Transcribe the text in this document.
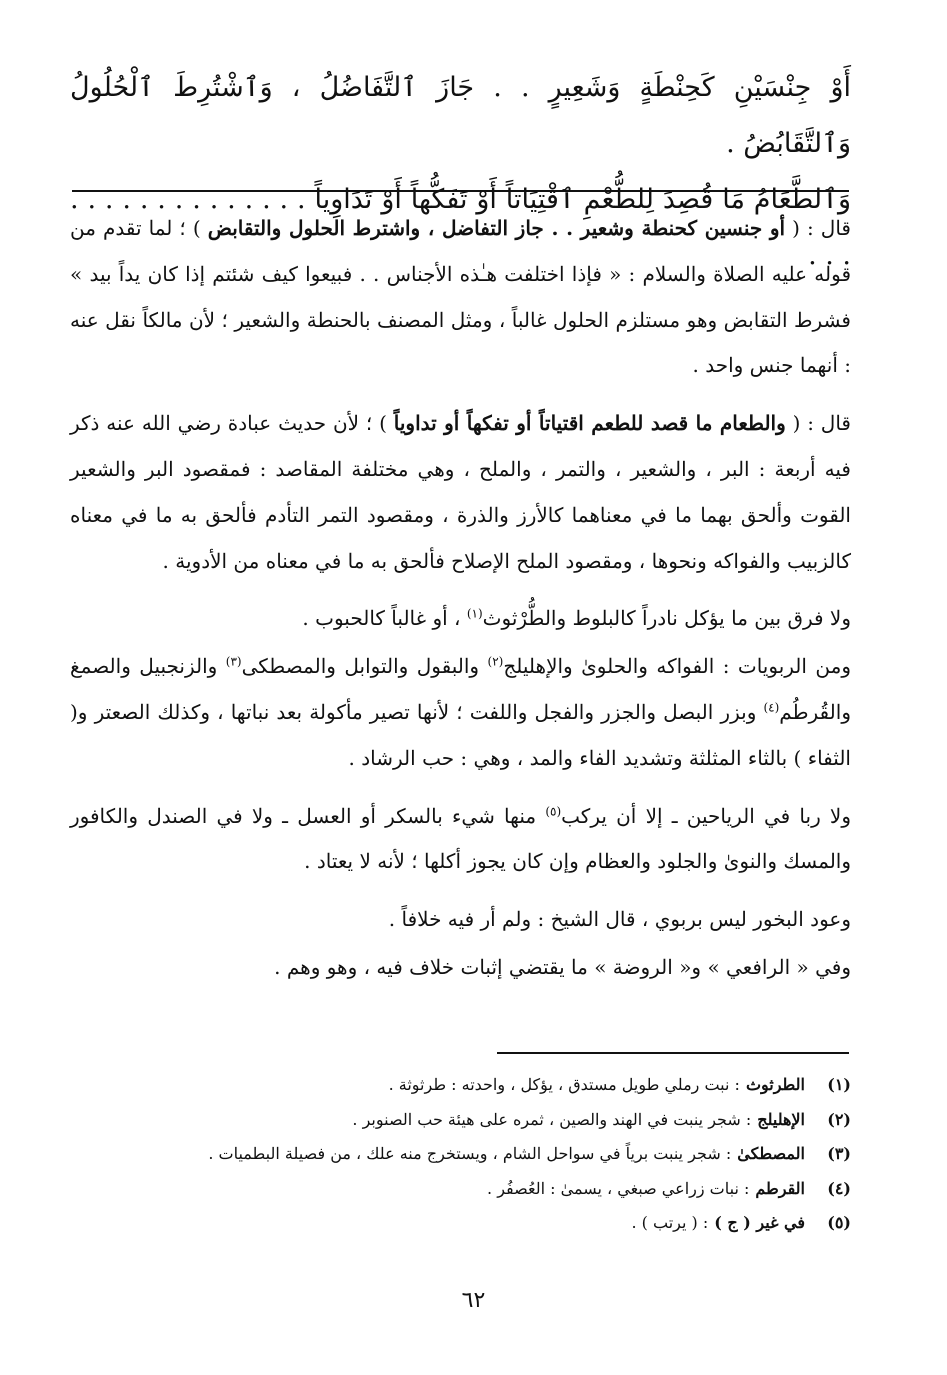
أَوْ جِنْسَيْنِ كَحِنْطَةٍ وَشَعِيرٍ . . جَازَ ٱلتَّفَاضُلُ ، وَٱشْتُرِطَ ٱلْحُلُولُ وَٱلتَّقَابُضُ .

وَٱلطَّعَامُ مَا قُصِدَ لِلطُّعْمِ ٱقْتِيَاتاً أَوْ تَفَكُّهاً أَوْ تَدَاوِياً . . . . . . . . . . . . . . . . .

قال : ( أو جنسين كحنطة وشعير . . جاز التفاضل ، واشترط الحلول والتقابض ) ؛ لما تقدم من قوله عليه الصلاة والسلام : « فإذا اختلفت هـٰذه الأجناس . . فبيعوا كيف شئتم إذا كان يداً بيد » فشرط التقابض وهو مستلزم الحلول غالباً ، ومثل المصنف بالحنطة والشعير ؛ لأن مالكاً نقل عنه : أنهما جنس واحد .

قال : ( والطعام ما قصد للطعم اقتياتاً أو تفكهاً أو تداوياً ) ؛ لأن حديث عبادة رضي الله عنه ذكر فيه أربعة : البر ، والشعير ، والتمر ، والملح ، وهي مختلفة المقاصد : فمقصود البر والشعير القوت وألحق بهما ما في معناهما كالأرز والذرة ، ومقصود التمر التأدم فألحق به ما في معناه كالزبيب والفواكه ونحوها ، ومقصود الملح الإصلاح فألحق به ما في معناه من الأدوية .

ولا فرق بين ما يؤكل نادراً كالبلوط والطُّرْثوث$^{(١)}$ ، أو غالباً كالحبوب .

ومن الربويات : الفواكه والحلوىٰ والإهليلج$^{(٢)}$ والبقول والتوابل والمصطكى$^{(٣)}$ والزنجبيل والصمغ والقُرطُم$^{(٤)}$ وبزر البصل والجزر والفجل واللفت ؛ لأنها تصير مأكولة بعد نباتها ، وكذلك الصعتر و( الثفاء ) بالثاء المثلثة وتشديد الفاء والمد ، وهي : حب الرشاد .

ولا ربا في الرياحين ـ إلا أن يركب$^{(٥)}$ منها شيء بالسكر أو العسل ـ ولا في الصندل والكافور والمسك والنوىٰ والجلود والعظام وإن كان يجوز أكلها ؛ لأنه لا يعتاد .

وعود البخور ليس بربوي ، قال الشيخ : ولم أر فيه خلافاً .

وفي « الرافعي » و« الروضة » ما يقتضي إثبات خلاف فيه ، وهو وهم .

(١)
الطرثوث
: نبت رملي طويل مستدق ، يؤكل ، واحدته : طرثوثة .
(٢)
الإهليلج
: شجر ينبت في الهند والصين ، ثمره على هيئة حب الصنوبر .
(٣)
المصطكىٰ
: شجر ينبت برياً في سواحل الشام ، ويستخرج منه علك ، من فصيلة البطميات .
(٤)
القرطم
: نبات زراعي صبغي ، يسمىٰ : العُصفُر .
(٥)
في غير ( ج )
: ( يرتب ) .
٦٢
